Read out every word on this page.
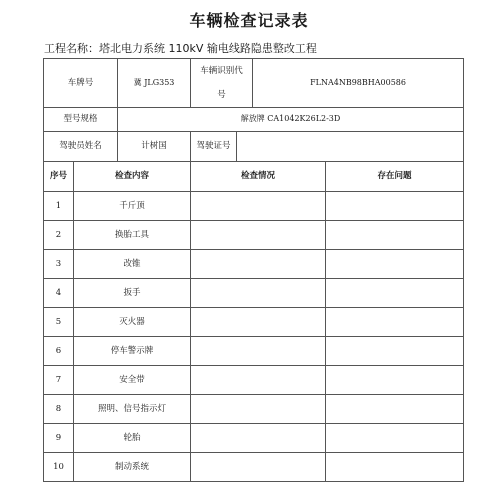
车辆检查记录表
工程名称：塔北电力系统 110kV 输电线路隐患整改工程
车牌号		冀 JLG353	车辆识别代
号		FLNA4NB98BHA00586	
型号规格		解放牌 CA1042K26L2-3D				
驾驶员姓名		计树国	驾驶证号			
序号	检查内容		检查情况			存在问题
1	千斤顶					
2	换胎工具					
3	改锥					
4	扳手					
5	灭火器					
6	停车警示牌					
7	安全带					
8	照明、信号指示灯					
9	轮胎					
10	制动系统					
